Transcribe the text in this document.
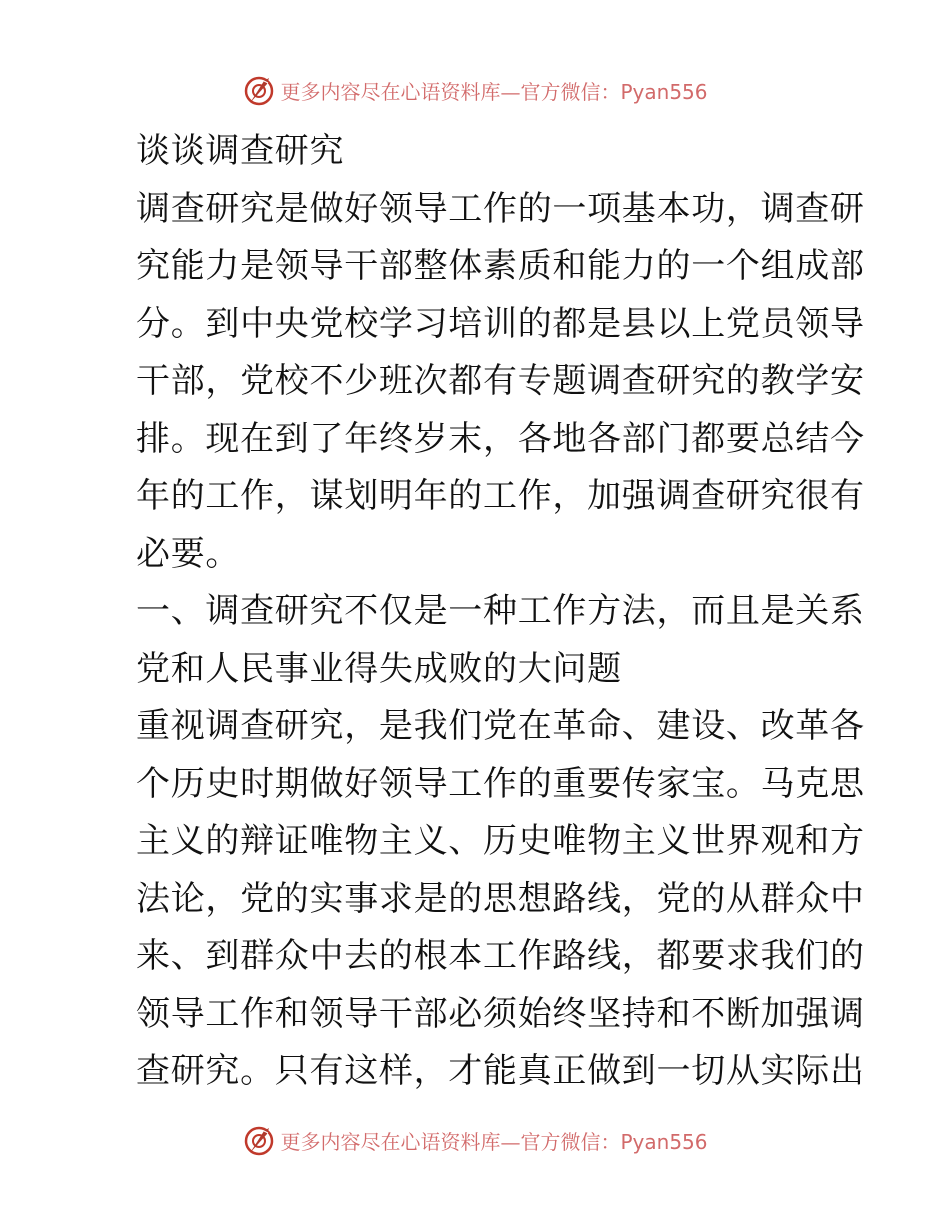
更多内容尽在心语资料库—官方微信：Pyan556
谈谈调查研究
调查研究是做好领导工作的一项基本功，调查研
究能力是领导干部整体素质和能力的一个组成部
分。到中央党校学习培训的都是县以上党员领导
干部，党校不少班次都有专题调查研究的教学安
排。现在到了年终岁末，各地各部门都要总结今
年的工作，谋划明年的工作，加强调查研究很有
必要。
一、调查研究不仅是一种工作方法，而且是关系
党和人民事业得失成败的大问题
重视调查研究，是我们党在革命、建设、改革各
个历史时期做好领导工作的重要传家宝。马克思
主义的辩证唯物主义、历史唯物主义世界观和方
法论，党的实事求是的思想路线，党的从群众中
来、到群众中去的根本工作路线，都要求我们的
领导工作和领导干部必须始终坚持和不断加强调
查研究。只有这样，才能真正做到一切从实际出
更多内容尽在心语资料库—官方微信：Pyan556
